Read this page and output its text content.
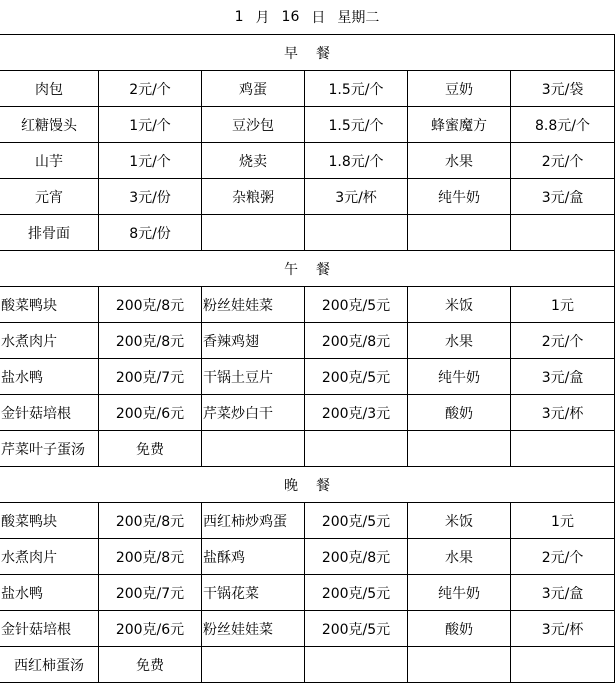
1 月 16 日 星期二
早 餐					
肉包	2元/个	鸡蛋	1.5元/个	豆奶	3元/袋
红糖馒头	1元/个	豆沙包	1.5元/个	蜂蜜魔方	8.8元/个
山芋	1元/个	烧卖	1.8元/个	水果	2元/个
元宵	3元/份	杂粮粥	3元/杯	纯牛奶	3元/盒
排骨面	8元/份				
午 餐					
酸菜鸭块	200克/8元	粉丝娃娃菜	200克/5元	米饭	1元
水煮肉片	200克/8元	香辣鸡翅	200克/8元	水果	2元/个
盐水鸭	200克/7元	干锅土豆片	200克/5元	纯牛奶	3元/盒
金针菇培根	200克/6元	芹菜炒白干	200克/3元	酸奶	3元/杯
芹菜叶子蛋汤	免费				
晚 餐					
酸菜鸭块	200克/8元	西红柿炒鸡蛋	200克/5元	米饭	1元
水煮肉片	200克/8元	盐酥鸡	200克/8元	水果	2元/个
盐水鸭	200克/7元	干锅花菜	200克/5元	纯牛奶	3元/盒
金针菇培根	200克/6元	粉丝娃娃菜	200克/5元	酸奶	3元/杯
西红柿蛋汤	免费				
